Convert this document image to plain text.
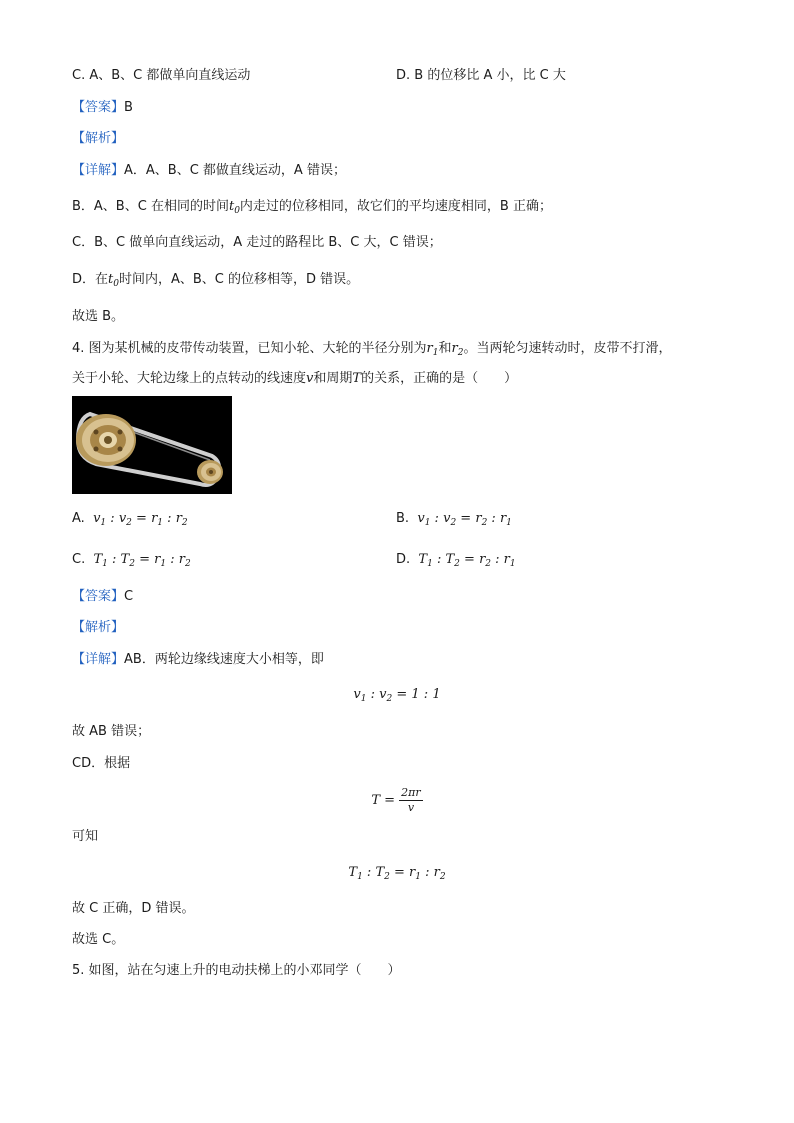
C. A、B、C 都做单向直线运动	D. B 的位移比 A 小，比 C 大
【答案】B
【解析】
【详解】A．A、B、C 都做直线运动，A 错误；
B．A、B、C 在相同的时间$t_0$内走过的位移相同，故它们的平均速度相同，B 正确；
C．B、C 做单向直线运动，A 走过的路程比 B、C 大，C 错误；
D．在$t_0$时间内，A、B、C 的位移相等，D 错误。
故选 B。
4. 图为某机械的皮带传动装置，已知小轮、大轮的半径分别为$r_1$和$r_2$。当两轮匀速转动时，皮带不打滑，
关于小轮、大轮边缘上的点转动的线速度v和周期T的关系，正确的是（　　）
A. $v_1$ : $v_2 = r_1$ : $r_2$	B. $v_1$ : $v_2 = r_2$ : $r_1$
C. $T_1$ : $T_2 = r_1$ : $r_2$	D. $T_1$ : $T_2 = r_2$ : $r_1$
【答案】C
【解析】
【详解】AB．两轮边缘线速度大小相等，即
$v_1$ : $v_2 = 1$ : 1
故 AB 错误；
CD．根据
$T = \frac{2\pi r}{v}$
可知
$T_1$ : $T_2 = r_1$ : $r_2$
故 C 正确，D 错误。
故选 C。
5. 如图，站在匀速上升的电动扶梯上的小邓同学（　　）
